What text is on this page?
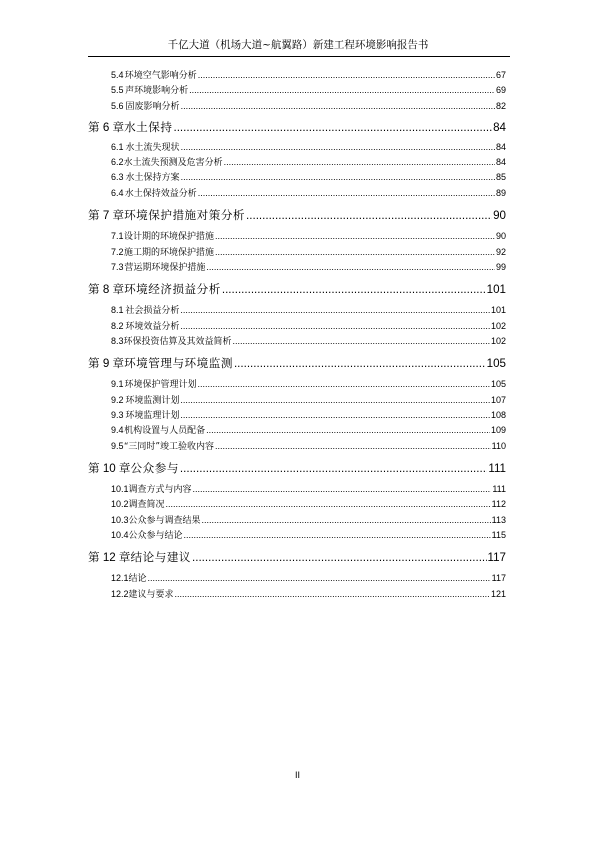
千亿大道（机场大道~航翼路）新建工程环境影响报告书
5.4 环境空气影响分析 .....	67
5.5 声环境影响分析 .....	69
5.6 固废影响分析 .....	82
第 6 章 水土保持 .....	84
6.1 水土流失现状 .....	84
6.2 水土流失预测及危害分析 .....	84
6.3 水土保持方案 .....	85
6.4 水土保持效益分析 .....	89
第 7 章 环境保护措施对策分析 .....	90
7.1 设计期的环境保护措施 .....	90
7.2 施工期的环境保护措施 .....	92
7.3 营运期环境保护措施 .....	99
第 8 章 环境经济损益分析 .....	101
8.1 社会损益分析 .....	101
8.2 环境效益分析 .....	102
8.3 环保投资估算及其效益简析 .....	102
第 9 章 环境管理与环境监测 .....	105
9.1 环境保护管理计划 .....	105
9.2 环境监测计划 .....	107
9.3 环境监理计划 .....	108
9.4 机构设置与人员配备 .....	109
9.5 “三同时”竣工验收内容 .....	110
第 10 章 公众参与 .....	111
10.1 调查方式与内容 .....	111
10.2 调查简况 .....	112
10.3 公众参与调查结果 .....	113
10.4 公众参与结论 .....	115
第 12 章 结论与建议 .....	117
12.1 结论 .....	117
12.2 建议与要求 .....	121
II
